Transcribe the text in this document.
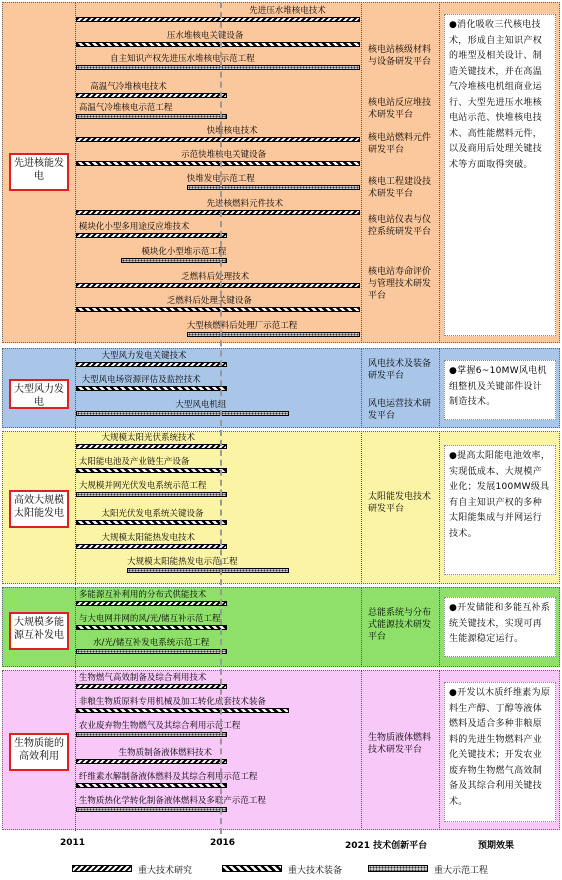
先进核能发电
先进压水堆核电技术
压水堆核电关键设备
自主知识产权先进压水堆核电示范工程
高温气冷堆核电技术
高温气冷堆核电示范工程
快堆核电技术
示范快堆核电关键设备
快堆发电示范工程
先进核燃料元件技术
模块化小型多用途反应堆技术
模块化小型堆示范工程
乏燃料后处理技术
乏燃料后处理关键设备
大型核燃料后处理厂示范工程
核电站核级材料与设备研发平台
核电站反应堆技术研发平台
核电站燃料元件研发平台
核电工程建设技术研发平台
核电站仪表与仪控系统研发平台
核电站寿命评价与管理技术研发平台
●消化吸收三代核电技术，形成自主知识产权的堆型及相关设计、制造关键技术，并在高温气冷堆核电机组商业运行、大型先进压水堆核电站示范、快堆核电技术、高性能燃料元件，以及商用后处理关键技术等方面取得突破。
大型风力发电
大型风力发电关键技术
大型风电场资源评估及监控技术
大型风电机组
风电技术及装备研发平台
风电运营技术研发平台
●掌握6~10MW风电机组整机及关键部件设计制造技术。
高效大规模太阳能发电
大规模太阳光伏系统技术
太阳能电池及产业链生产设备
大规模并网光伏发电系统示范工程
太阳光伏发电系统关键设备
大规模太阳能热发电技术
大规模太阳能热发电示范工程
太阳能发电技术研发平台
●提高太阳能电池效率，实现低成本、大规模产业化；发展100MW级具有自主知识产权的多种太阳能集成与并网运行技术。
大规模多能源互补发电
多能源互补利用的分布式供能技术
与大电网并网的风/光/储互补示范工程
水/光/储互补发电系统示范工程
总能系统与分布式能源技术研发平台
●开发储能和多能互补系统关键技术，实现可再生能源稳定运行。
生物质能的高效利用
生物燃气高效制备及综合利用技术
非粮生物质原料专用机械及加工转化成套技术装备
农业废弃物生物燃气及其综合利用示范工程
生物质制备液体燃料技术
纤维素水解制备液体燃料及其综合利用示范工程
生物质热化学转化制备液体燃料及多联产示范工程
生物质液体燃料技术研发平台
●开发以木质纤维素为原料生产醇、丁醇等液体燃料及适合多种非粮原料的先进生物燃料产业化关键技术；开发农业废弃物生物燃气高效制备及其综合利用关键技术。
2011	2016	2021 技术创新平台	预期效果
重大技术研究	重大技术装备	重大示范工程
